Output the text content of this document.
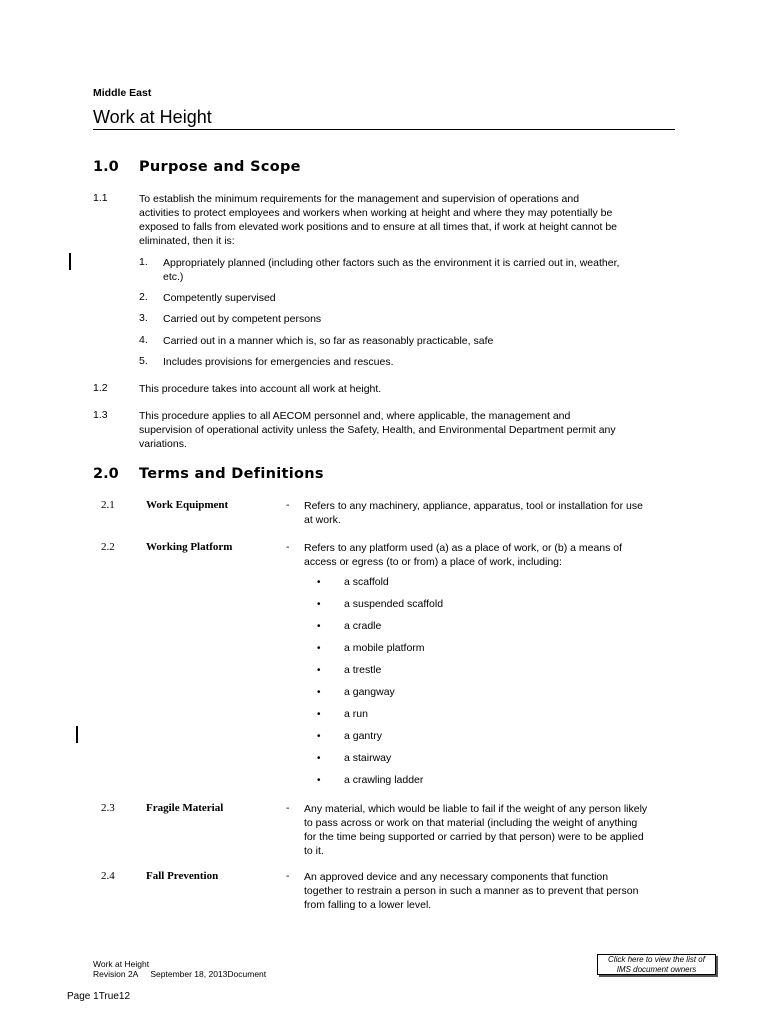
Middle East
Work at Height
1.0 Purpose and Scope
1.1	To establish the minimum requirements for the management and supervision of operations and
activities to protect employees and workers when working at height and where they may potentially be
exposed to falls from elevated work positions and to ensure at all times that, if work at height cannot be
eliminated, then it is:
1. Appropriately planned (including other factors such as the environment it is carried out in, weather,
etc.)
2. Competently supervised
3. Carried out by competent persons
4. Carried out in a manner which is, so far as reasonably practicable, safe
5. Includes provisions for emergencies and rescues.
1.2	This procedure takes into account all work at height.
1.3	This procedure applies to all AECOM personnel and, where applicable, the management and
supervision of operational activity unless the Safety, Health, and Environmental Department permit any
variations.
2.0 Terms and Definitions
2.1	Work Equipment	- Refers to any machinery, appliance, apparatus, tool or installation for use
at work.
2.2	Working Platform	- Refers to any platform used (a) as a place of work, or (b) a means of
access or egress (to or from) a place of work, including:
• a scaffold
• a suspended scaffold
• a cradle
• a mobile platform
• a trestle
• a gangway
• a run
• a gantry
• a stairway
• a crawling ladder
2.3	Fragile Material	- Any material, which would be liable to fail if the weight of any person likely
to pass across or work on that material (including the weight of anything
for the time being supported or carried by that person) were to be applied
to it.
2.4	Fall Prevention	- An approved device and any necessary components that function
together to restrain a person in such a manner as to prevent that person
from falling to a lower level.
Work at Height
Revision 2A September 18, 2013Document
Click here to view the list of
IMS document owners
Page 1True12
